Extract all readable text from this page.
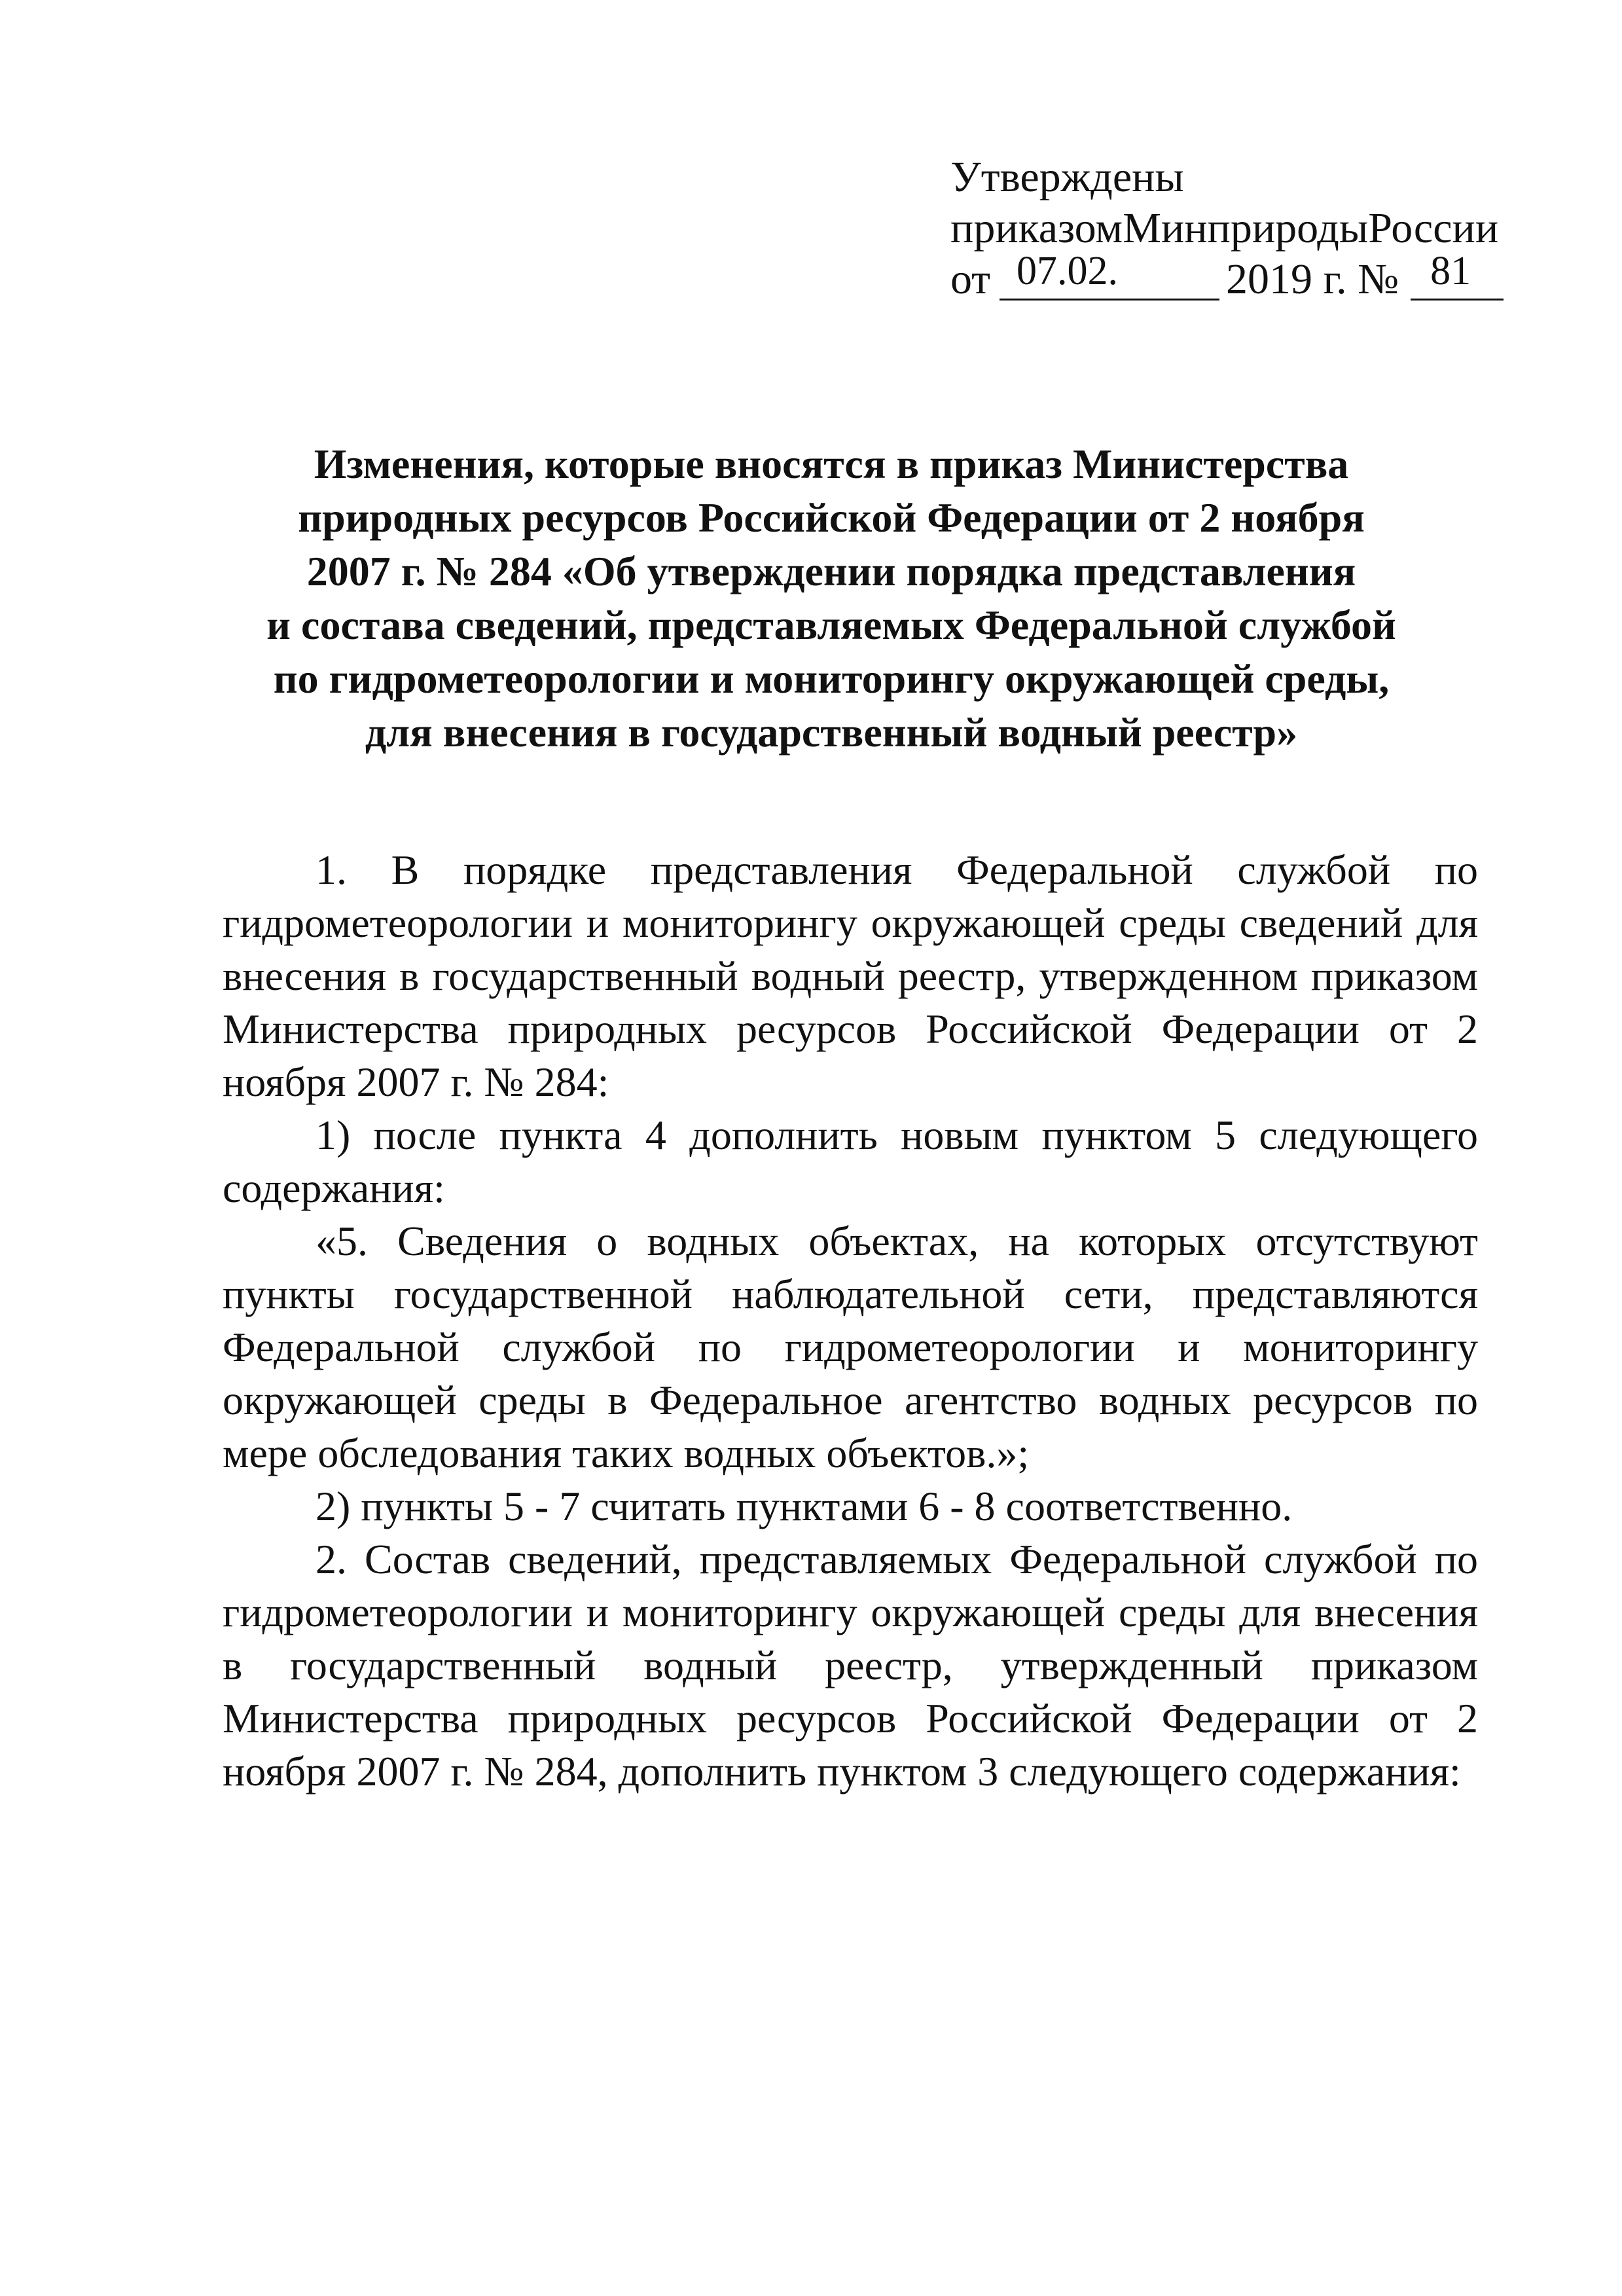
Утверждены
приказом Минприроды России
от 07.02.	2019 г. № 81
Изменения, которые вносятся в приказ Министерства
природных ресурсов Российской Федерации от 2 ноября
2007 г. № 284 «Об утверждении порядка представления
и состава сведений, представляемых Федеральной службой
по гидрометеорологии и мониторингу окружающей среды,
для внесения в государственный водный реестр»

1. В порядке представления Федеральной службой по гидрометеорологии и мониторингу окружающей среды сведений для внесения в государственный водный реестр, утвержденном приказом Министерства природных ресурсов Российской Федерации от 2 ноября 2007 г. № 284:

1) после пункта 4 дополнить новым пунктом 5 следующего содержания:

«5. Сведения о водных объектах, на которых отсутствуют пункты государственной наблюдательной сети, представляются Федеральной службой по гидрометеорологии и мониторингу окружающей среды в Федеральное агентство водных ресурсов по мере обследования таких водных объектов.»;

2) пункты 5 - 7 считать пунктами 6 - 8 соответственно.

2. Состав сведений, представляемых Федеральной службой по гидрометеорологии и мониторингу окружающей среды для внесения в государственный водный реестр, утвержденный приказом Министерства природных ресурсов Российской Федерации от 2 ноября 2007 г. № 284, дополнить пунктом 3 следующего содержания:
